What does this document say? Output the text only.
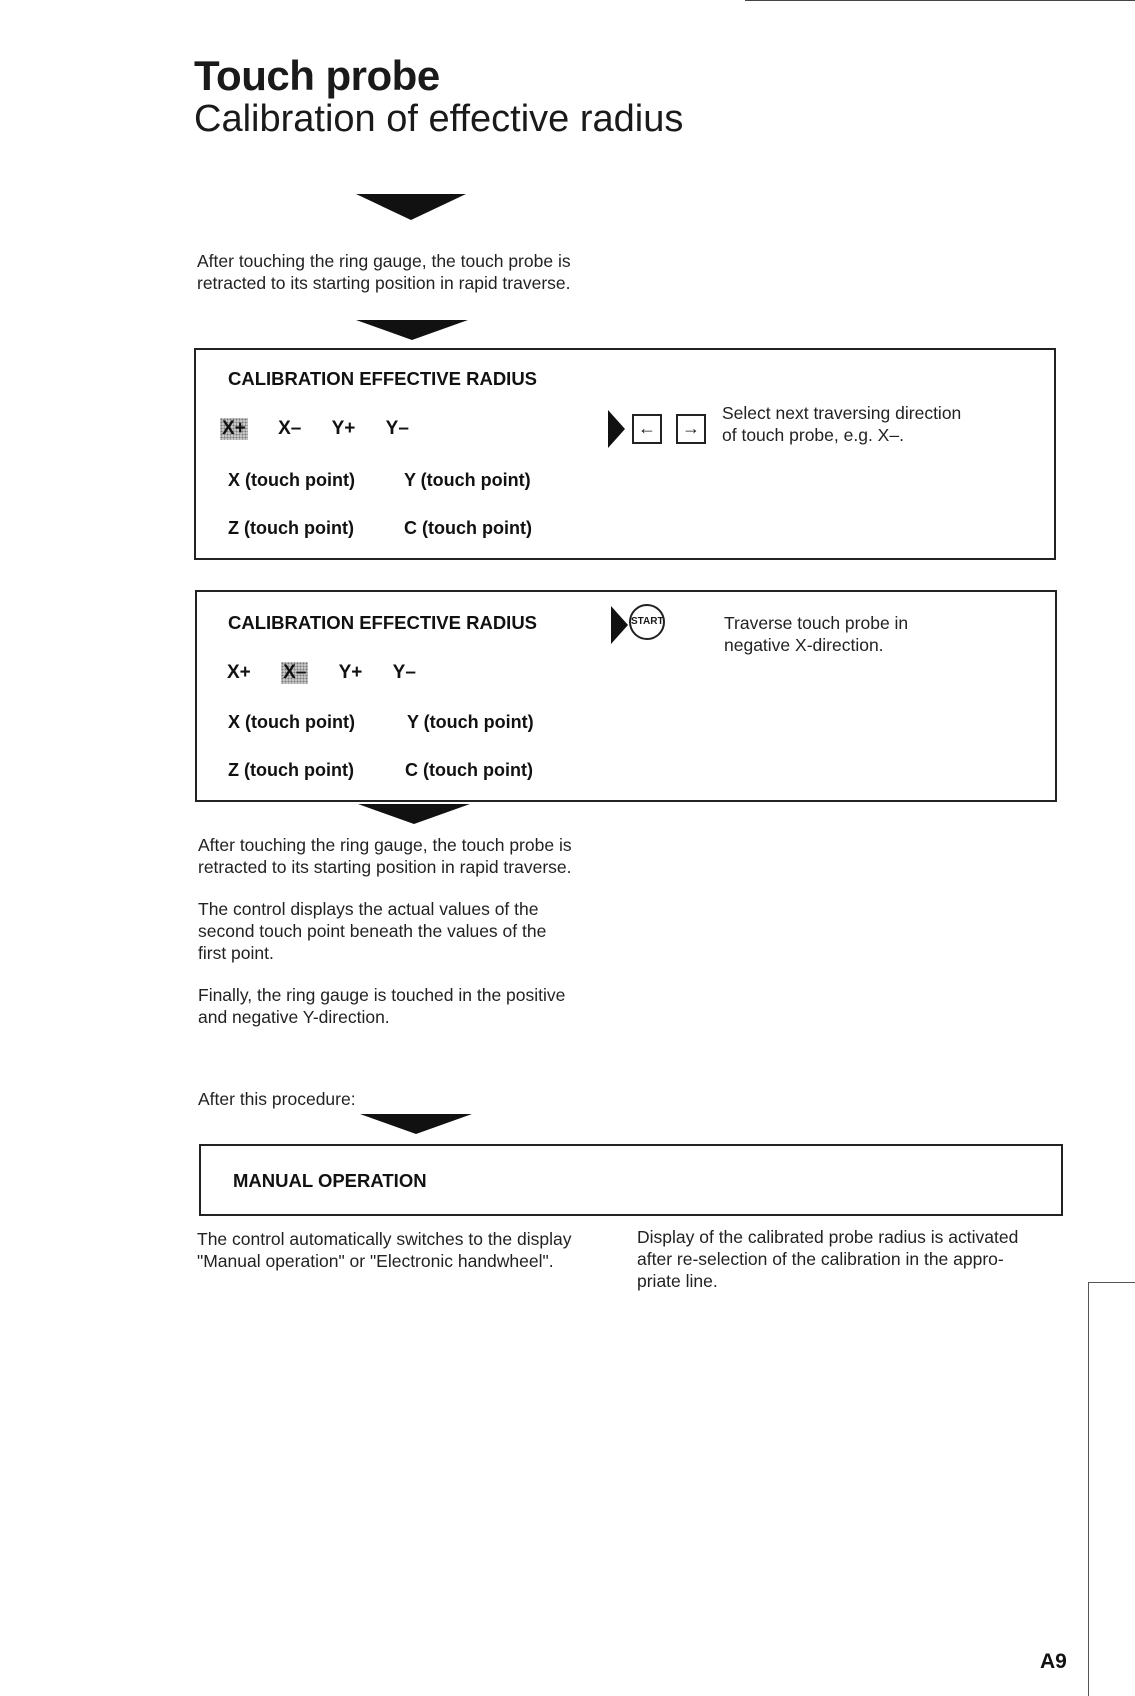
Touch probe
Calibration of effective radius
After touching the ring gauge, the touch probe is
retracted to its starting position in rapid traverse.
CALIBRATION EFFECTIVE RADIUS
X+ X– Y+ Y–
X (touch point)	Y (touch point)
Z (touch point)	C (touch point)
←	→
Select next traversing direction
of touch probe, e.g. X–.
CALIBRATION EFFECTIVE RADIUS
X+ X– Y+ Y–
X (touch point)	Y (touch point)
Z (touch point)	C (touch point)
START	Traverse touch probe in
negative X-direction.
After touching the ring gauge, the touch probe is
retracted to its starting position in rapid traverse.
The control displays the actual values of the
second touch point beneath the values of the
first point.
Finally, the ring gauge is touched in the positive
and negative Y-direction.
After this procedure:
MANUAL OPERATION
The control automatically switches to the display
"Manual operation" or "Electronic handwheel".
Display of the calibrated probe radius is activated
after re-selection of the calibration in the appro-
priate line.
A9
